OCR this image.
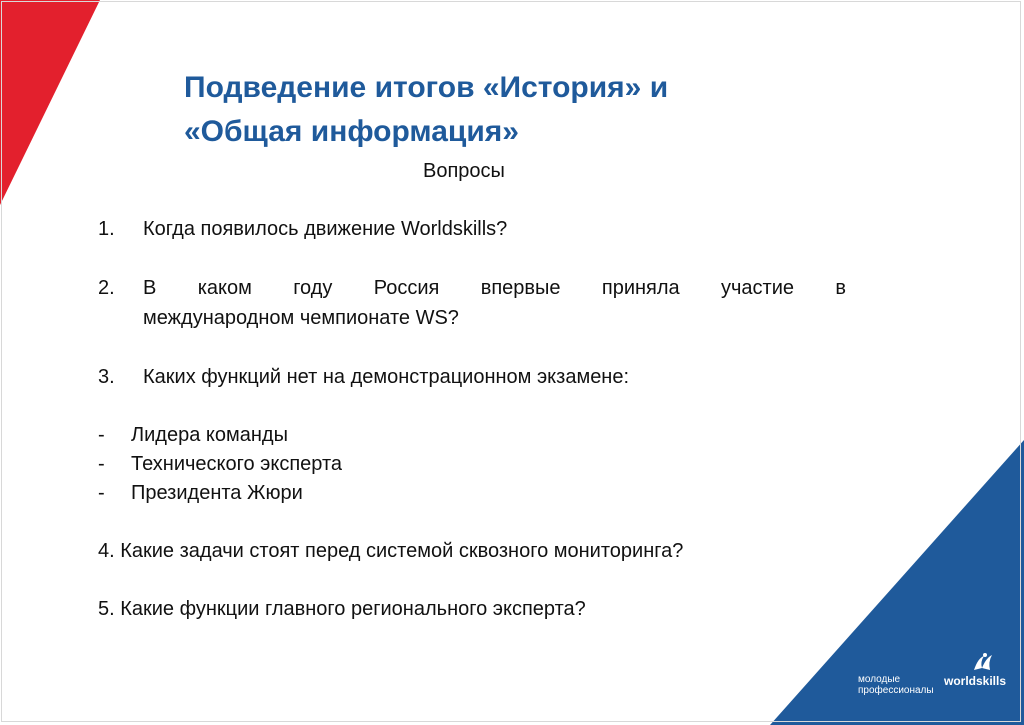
Подведение итогов «История» и
«Общая информация»

Вопросы

1. Когда появилось движение Worldskills?
2. В каком году Россия впервые приняла участие в
международном чемпионате WS?
3. Каких функций нет на демонстрационном экзамене:
- Лидера команды
- Технического эксперта
- Президента Жюри
4. Какие задачи стоят перед системой сквозного мониторинга?
5. Какие функции главного регионального эксперта?
молодые
профессионалы
worldskills
